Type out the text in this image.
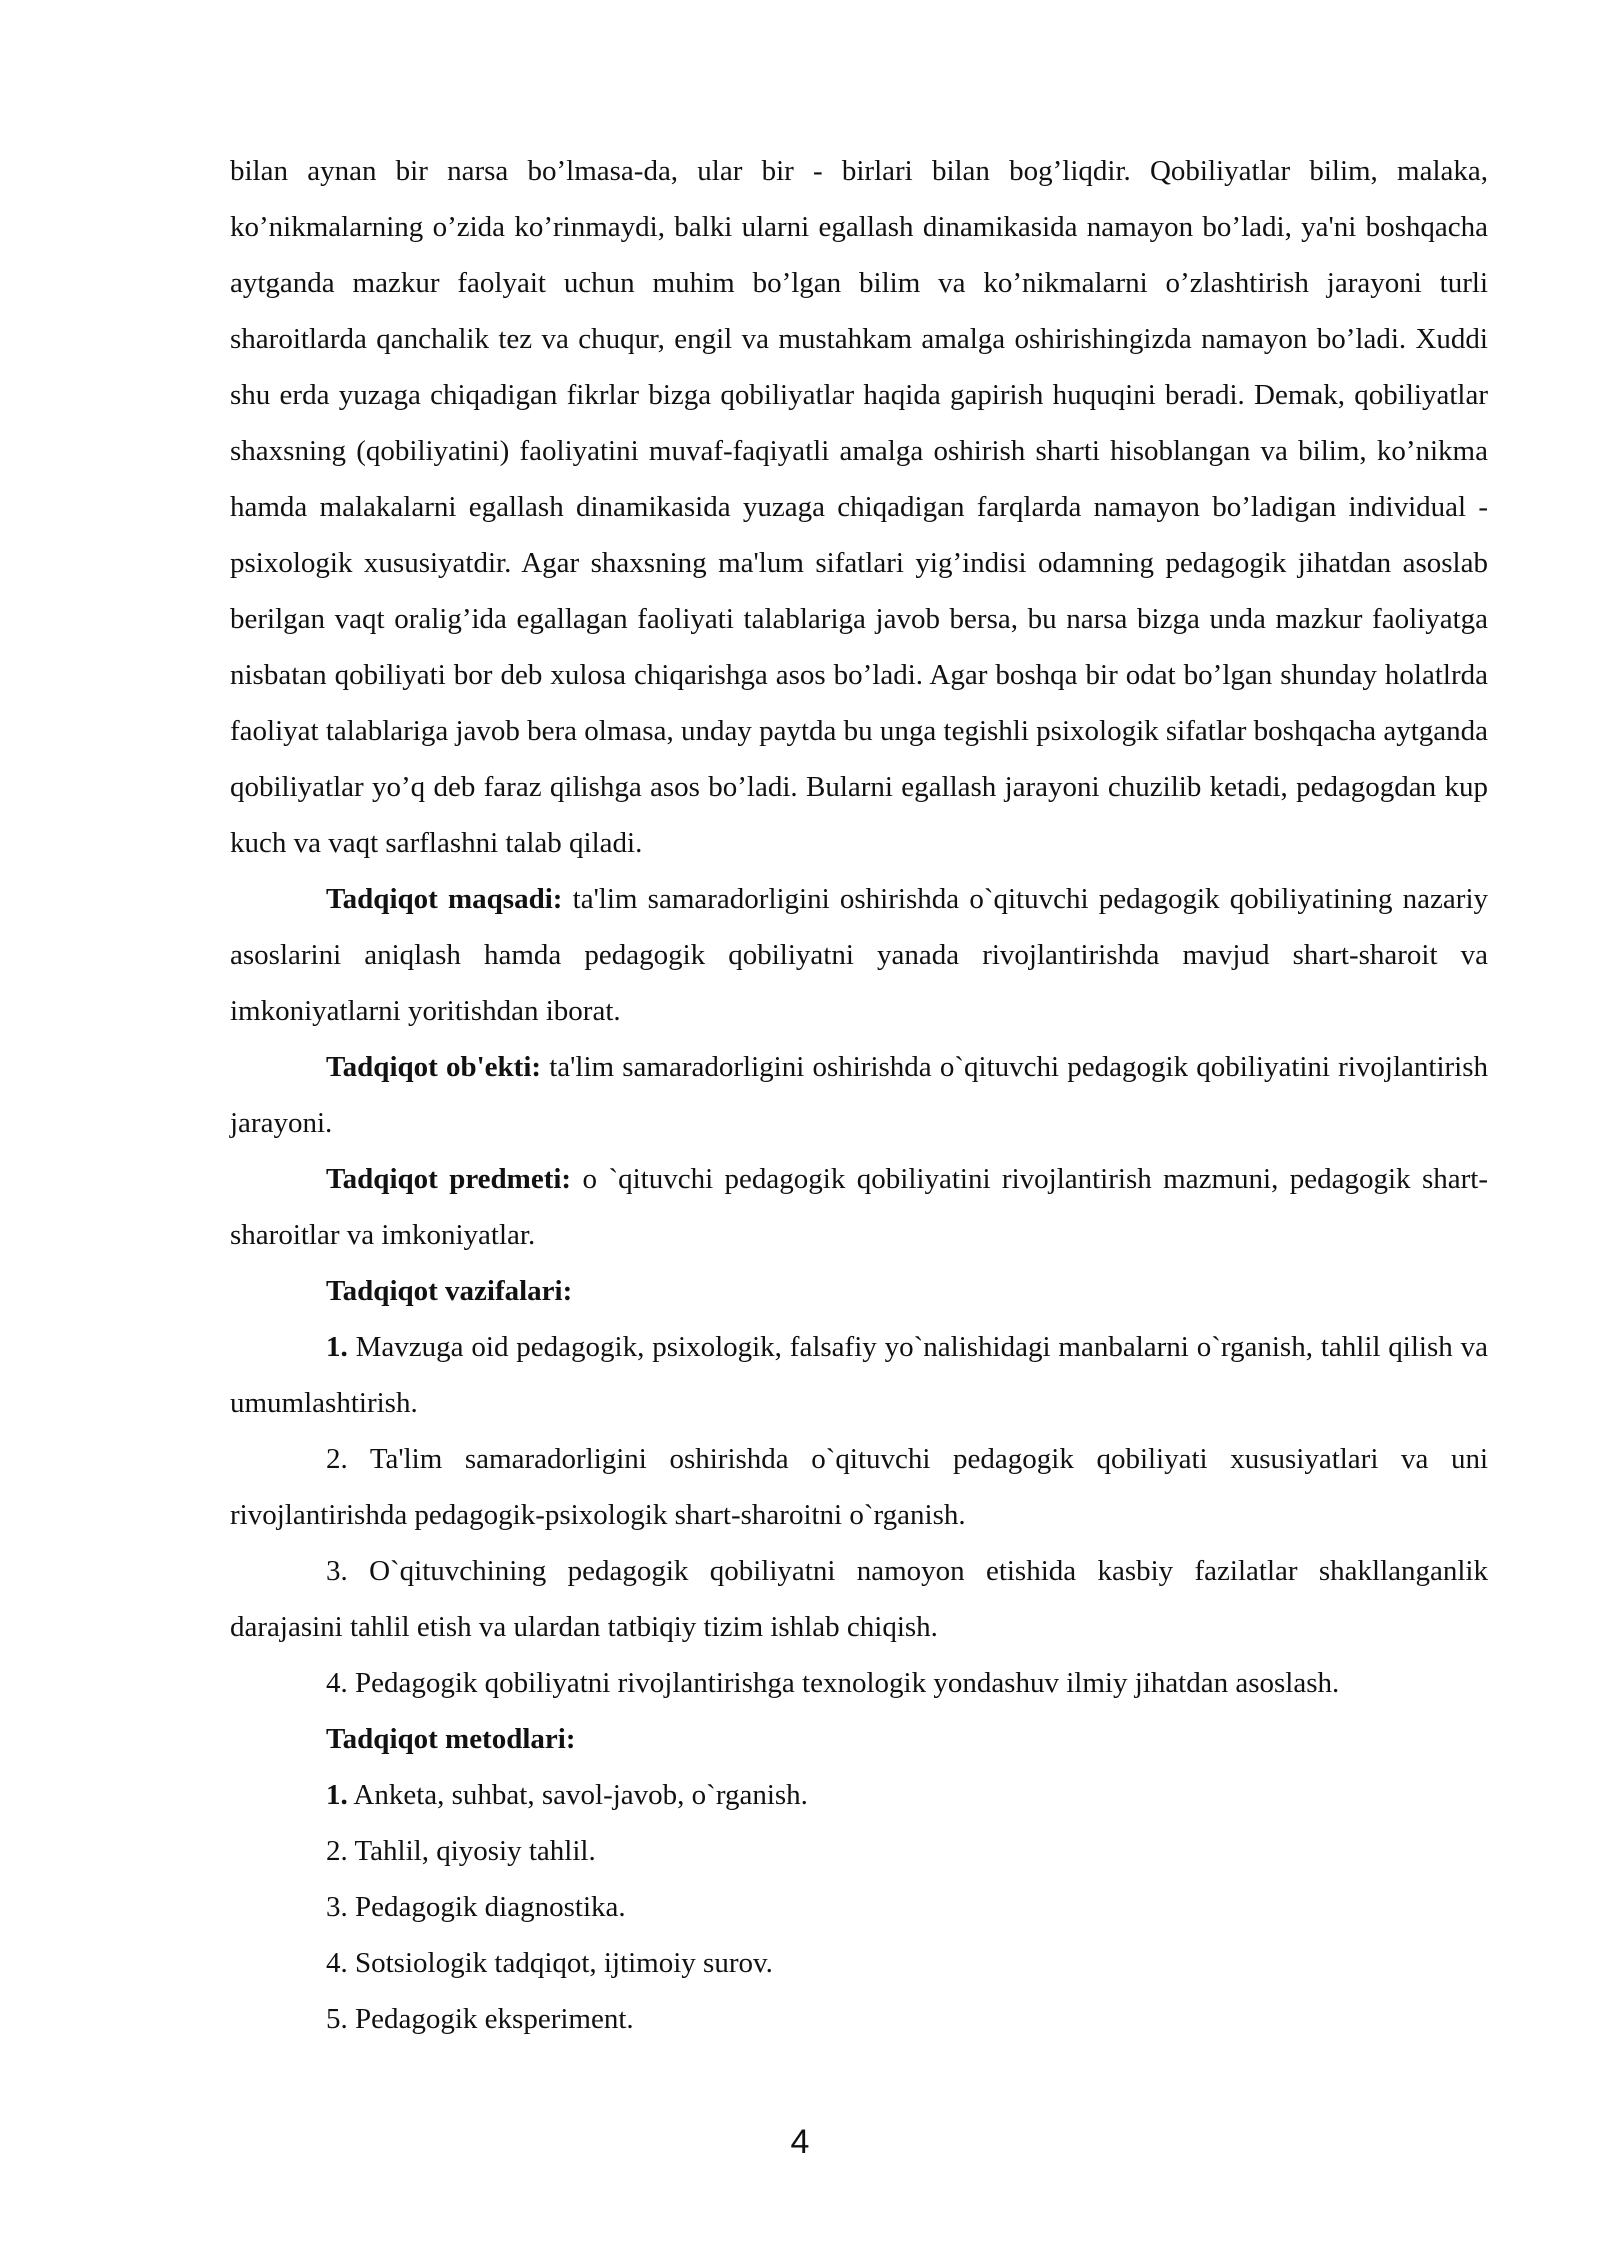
bilan aynan bir narsa bo’lmasa-da, ular bir - birlari bilan bog’liqdir. Qobiliyatlar bilim, malaka, ko’nikmalarning o’zida ko’rinmaydi, balki ularni egallash dinamikasida namayon bo’ladi, ya'ni boshqacha aytganda mazkur faolyait uchun muhim bo’lgan bilim va ko’nikmalarni o’zlashtirish jarayoni turli sharoitlarda qanchalik tez va chuqur, engil va mustahkam amalga oshirishingizda namayon bo’ladi. Xuddi shu erda yuzaga chiqadigan fikrlar bizga qobiliyatlar haqida gapirish huquqini beradi. Demak, qobiliyatlar shaxsning (qobiliyatini) faoliyatini muvaf-faqiyatli amalga oshirish sharti hisoblangan va bilim, ko’nikma hamda malakalarni egallash dinamikasida yuzaga chiqadigan farqlarda namayon bo’ladigan individual - psixologik xususiyatdir. Agar shaxsning ma'lum sifatlari yig’indisi odamning pedagogik jihatdan asoslab berilgan vaqt oralig’ida egallagan faoliyati talablariga javob bersa, bu narsa bizga unda mazkur faoliyatga nisbatan qobiliyati bor deb xulosa chiqarishga asos bo’ladi. Agar boshqa bir odat bo’lgan shunday holatlrda faoliyat talablariga javob bera olmasa, unday paytda bu unga tegishli psixologik sifatlar boshqacha aytganda qobiliyatlar yo’q deb faraz qilishga asos bo’ladi. Bularni egallash jarayoni chuzilib ketadi, pedagogdan kup kuch va vaqt sarflashni talab qiladi.

Tadqiqot maqsadi: ta'lim samaradorligini oshirishda o`qituvchi pedagogik qobiliyatining nazariy asoslarini aniqlash hamda pedagogik qobiliyatni yanada rivojlantirishda mavjud shart-sharoit va imkoniyatlarni yoritishdan iborat.

Tadqiqot ob'ekti: ta'lim samaradorligini oshirishda o`qituvchi pedagogik qobiliyatini rivojlantirish jarayoni.

Tadqiqot predmeti: o `qituvchi pedagogik qobiliyatini rivojlantirish mazmuni, pedagogik shart-sharoitlar va imkoniyatlar.

Tadqiqot vazifalari:

1. Mavzuga oid pedagogik, psixologik, falsafiy yo`nalishidagi manbalarni o`rganish, tahlil qilish va umumlashtirish.

2. Ta'lim samaradorligini oshirishda o`qituvchi pedagogik qobiliyati xususiyatlari va uni rivojlantirishda pedagogik-psixologik shart-sharoitni o`rganish.

3. O`qituvchining pedagogik qobiliyatni namoyon etishida kasbiy fazilatlar shakllanganlik darajasini tahlil etish va ulardan tatbiqiy tizim ishlab chiqish.

4. Pedagogik qobiliyatni rivojlantirishga texnologik yondashuv ilmiy jihatdan asoslash.

Tadqiqot metodlari:

1. Anketa, suhbat, savol-javob, o`rganish.

2. Tahlil, qiyosiy tahlil.

3. Pedagogik diagnostika.

4. Sotsiologik tadqiqot, ijtimoiy surov.

5. Pedagogik eksperiment.

4
